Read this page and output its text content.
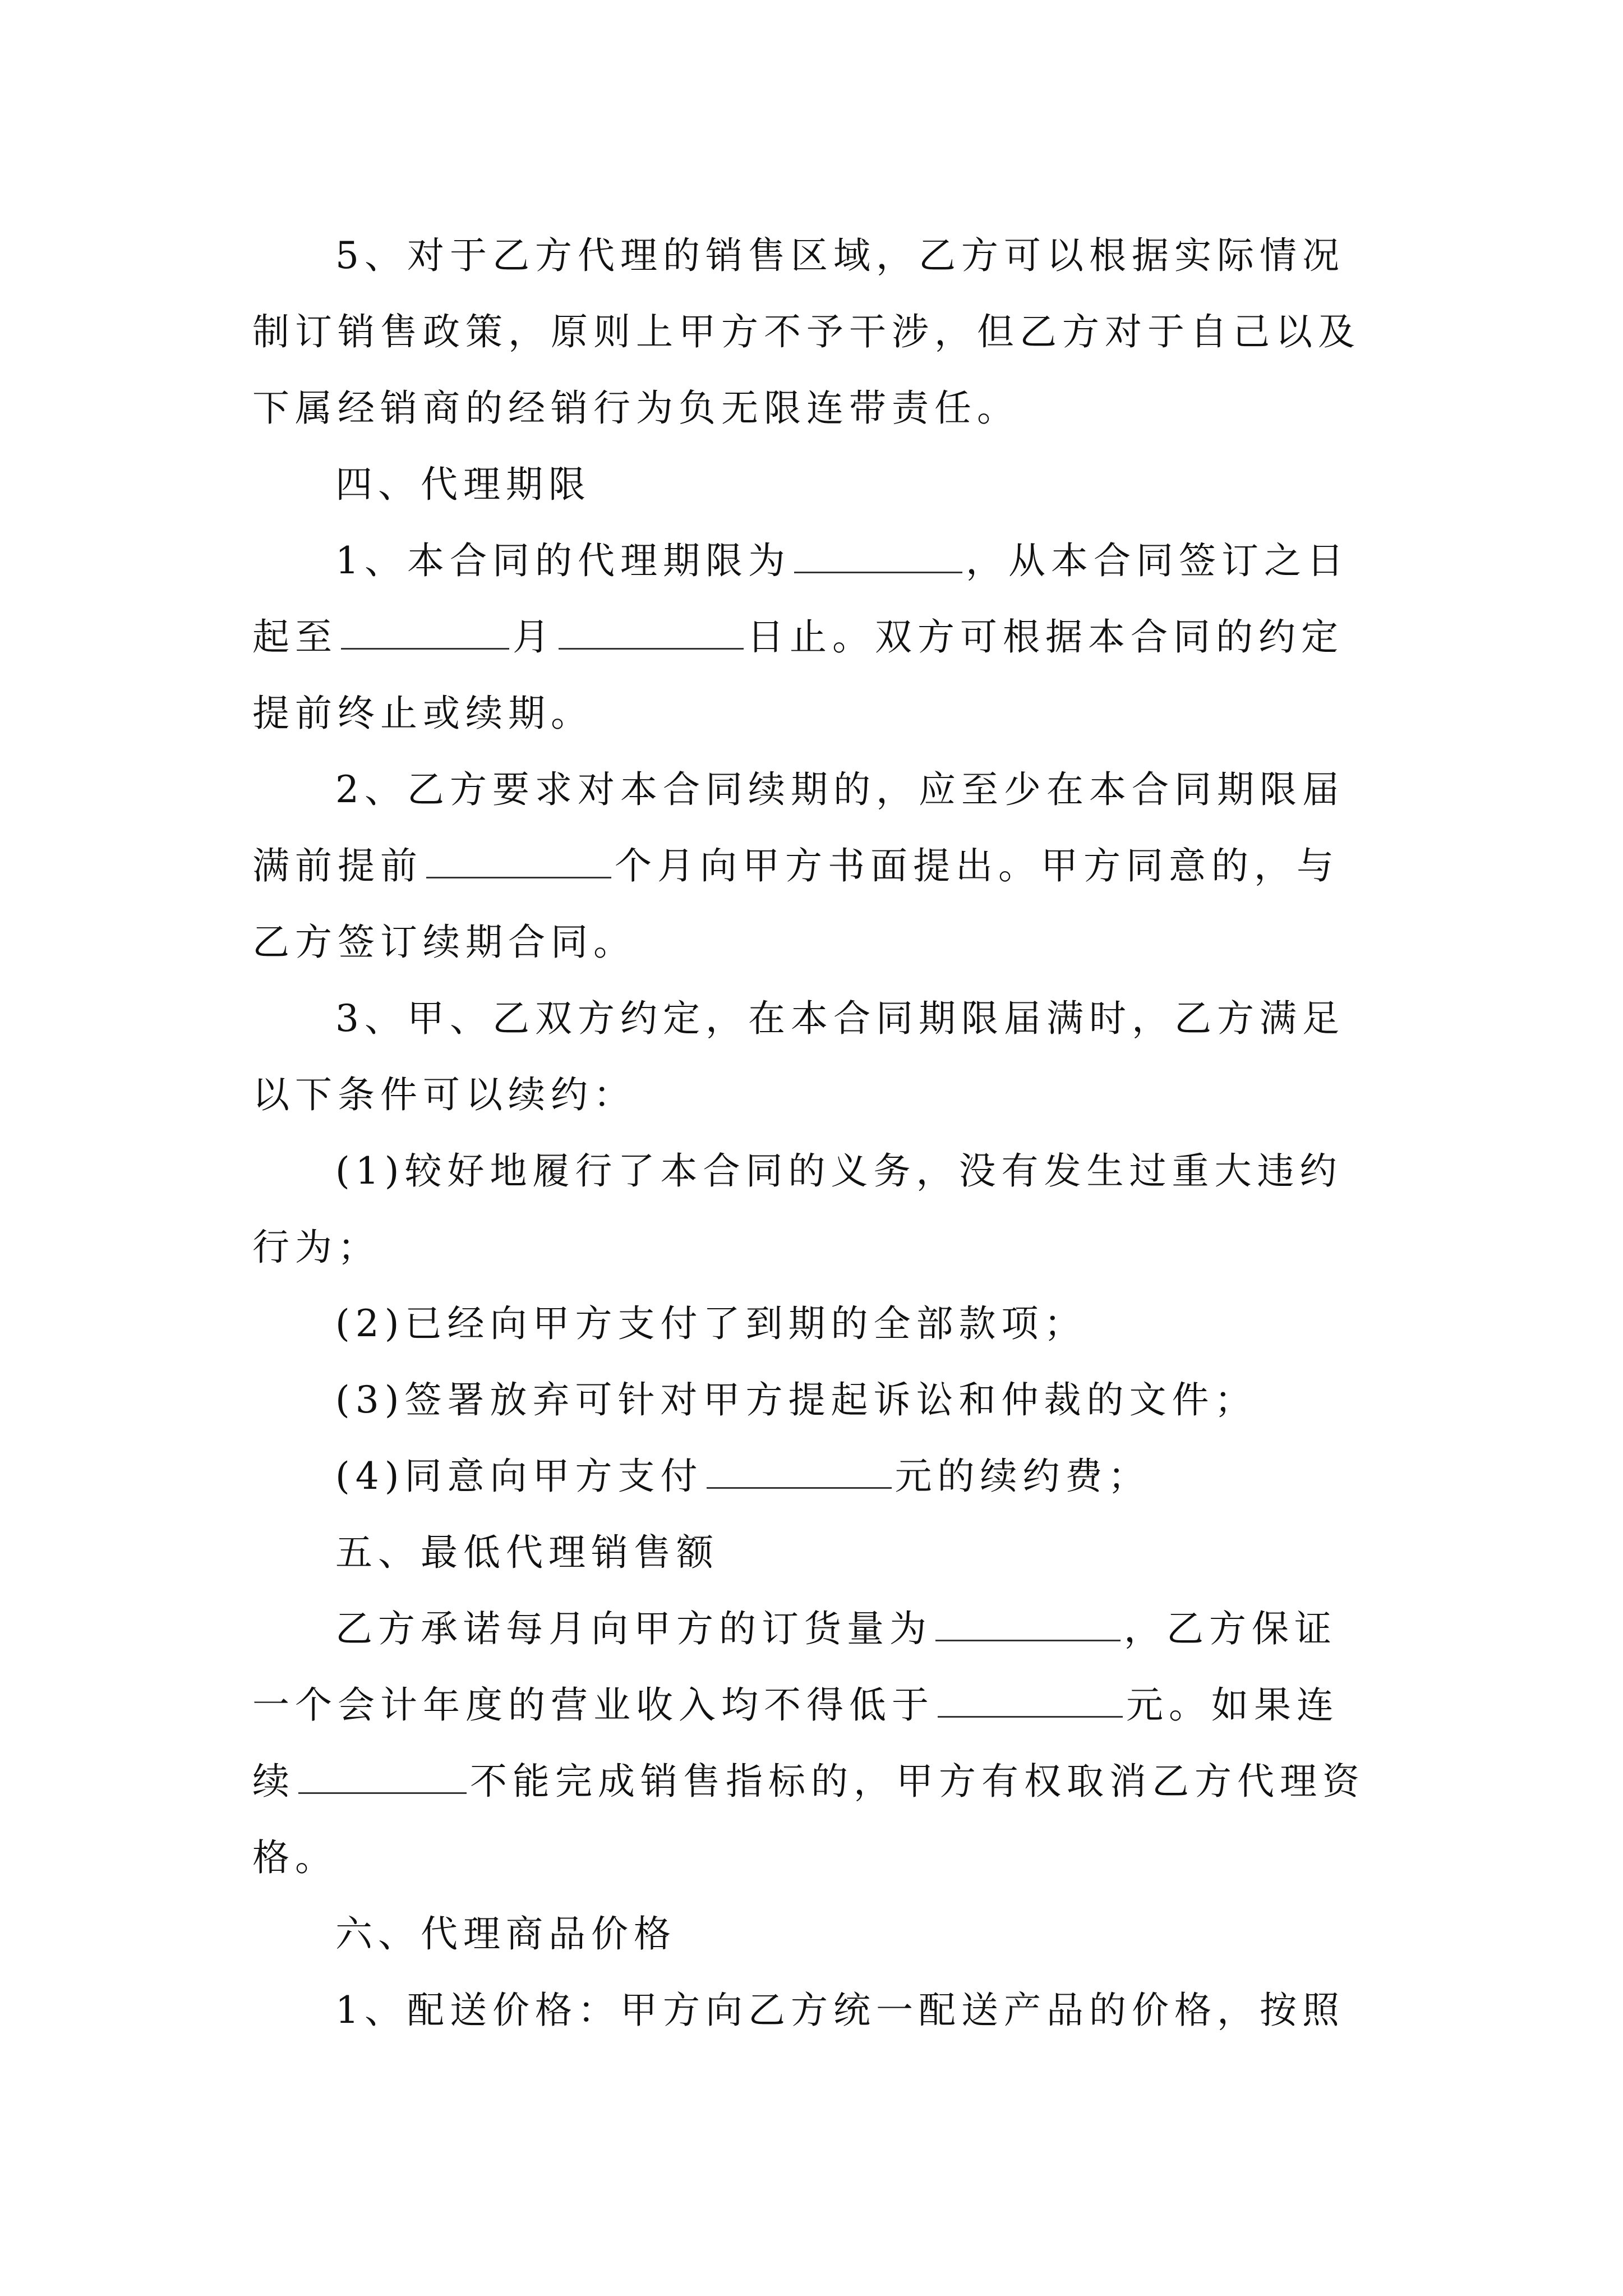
5、对于乙方代理的销售区域，乙方可以根据实际情况

制订销售政策，原则上甲方不予干涉，但乙方对于自己以及

下属经销商的经销行为负无限连带责任。

四、代理期限

1、本合同的代理期限为	，从本合同签订之日

起至	月	日止。双方可根据本合同的约定

提前终止或续期。

2、乙方要求对本合同续期的，应至少在本合同期限届

满前提前	个月向甲方书面提出。甲方同意的，与

乙方签订续期合同。

3、甲、乙双方约定，在本合同期限届满时，乙方满足

以下条件可以续约：

(1)较好地履行了本合同的义务，没有发生过重大违约

行为；

(2)已经向甲方支付了到期的全部款项；

(3)签署放弃可针对甲方提起诉讼和仲裁的文件；

(4)同意向甲方支付	元的续约费；

五、最低代理销售额

乙方承诺每月向甲方的订货量为	，乙方保证

一个会计年度的营业收入均不得低于	元。如果连

续	不能完成销售指标的，甲方有权取消乙方代理资

格。

六、代理商品价格

1、配送价格：甲方向乙方统一配送产品的价格，按照
